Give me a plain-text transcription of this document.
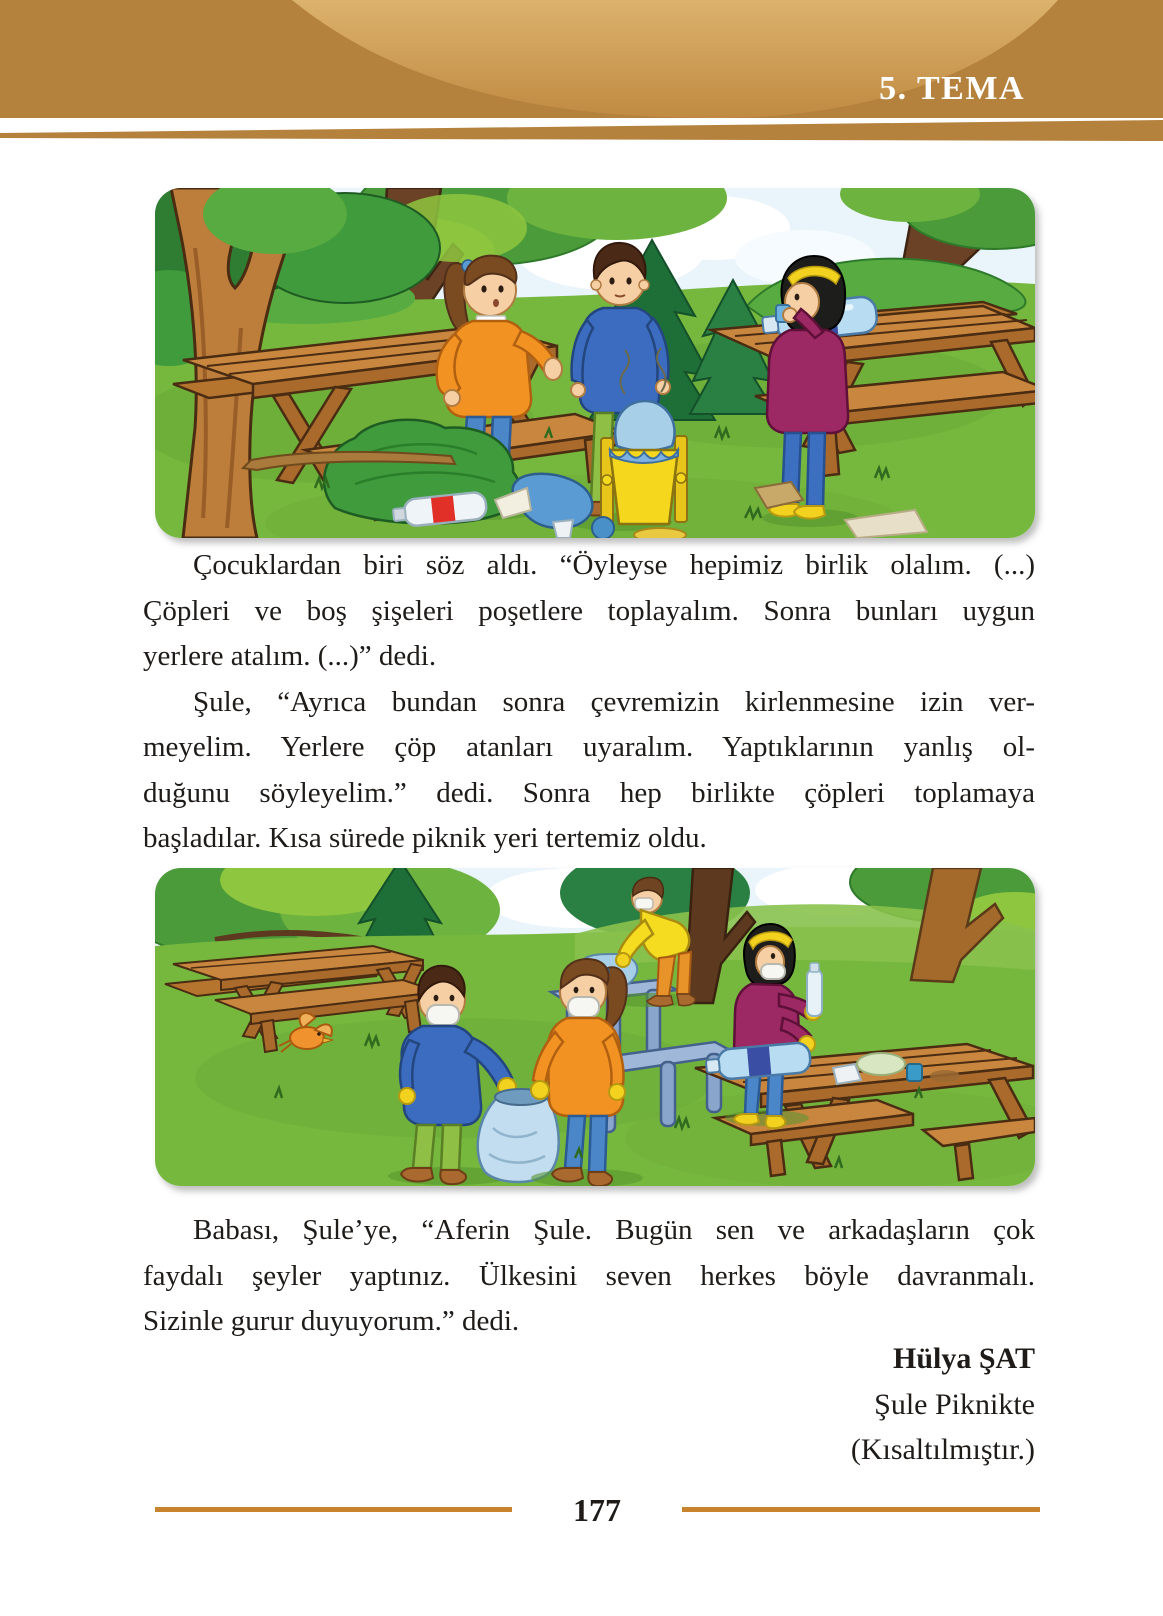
5. TEMA
Çocuklardan biri söz aldı. “Öyleyse hepimiz birlik olalım. (...)
Çöpleri ve boş şişeleri poşetlere toplayalım. Sonra bunları uygun
yerlere atalım. (...)” dedi.
Şule, “Ayrıca bundan sonra çevremizin kirlenmesine izin ver-
meyelim. Yerlere çöp atanları uyaralım. Yaptıklarının yanlış ol-
duğunu söyleyelim.” dedi. Sonra hep birlikte çöpleri toplamaya
başladılar. Kısa sürede piknik yeri tertemiz oldu.
Babası, Şule’ye, “Aferin Şule. Bugün sen ve arkadaşların çok
faydalı şeyler yaptınız. Ülkesini seven herkes böyle davranmalı.
Sizinle gurur duyuyorum.” dedi.
Hülya ŞAT
Şule Piknikte
(Kısaltılmıştır.)
177
